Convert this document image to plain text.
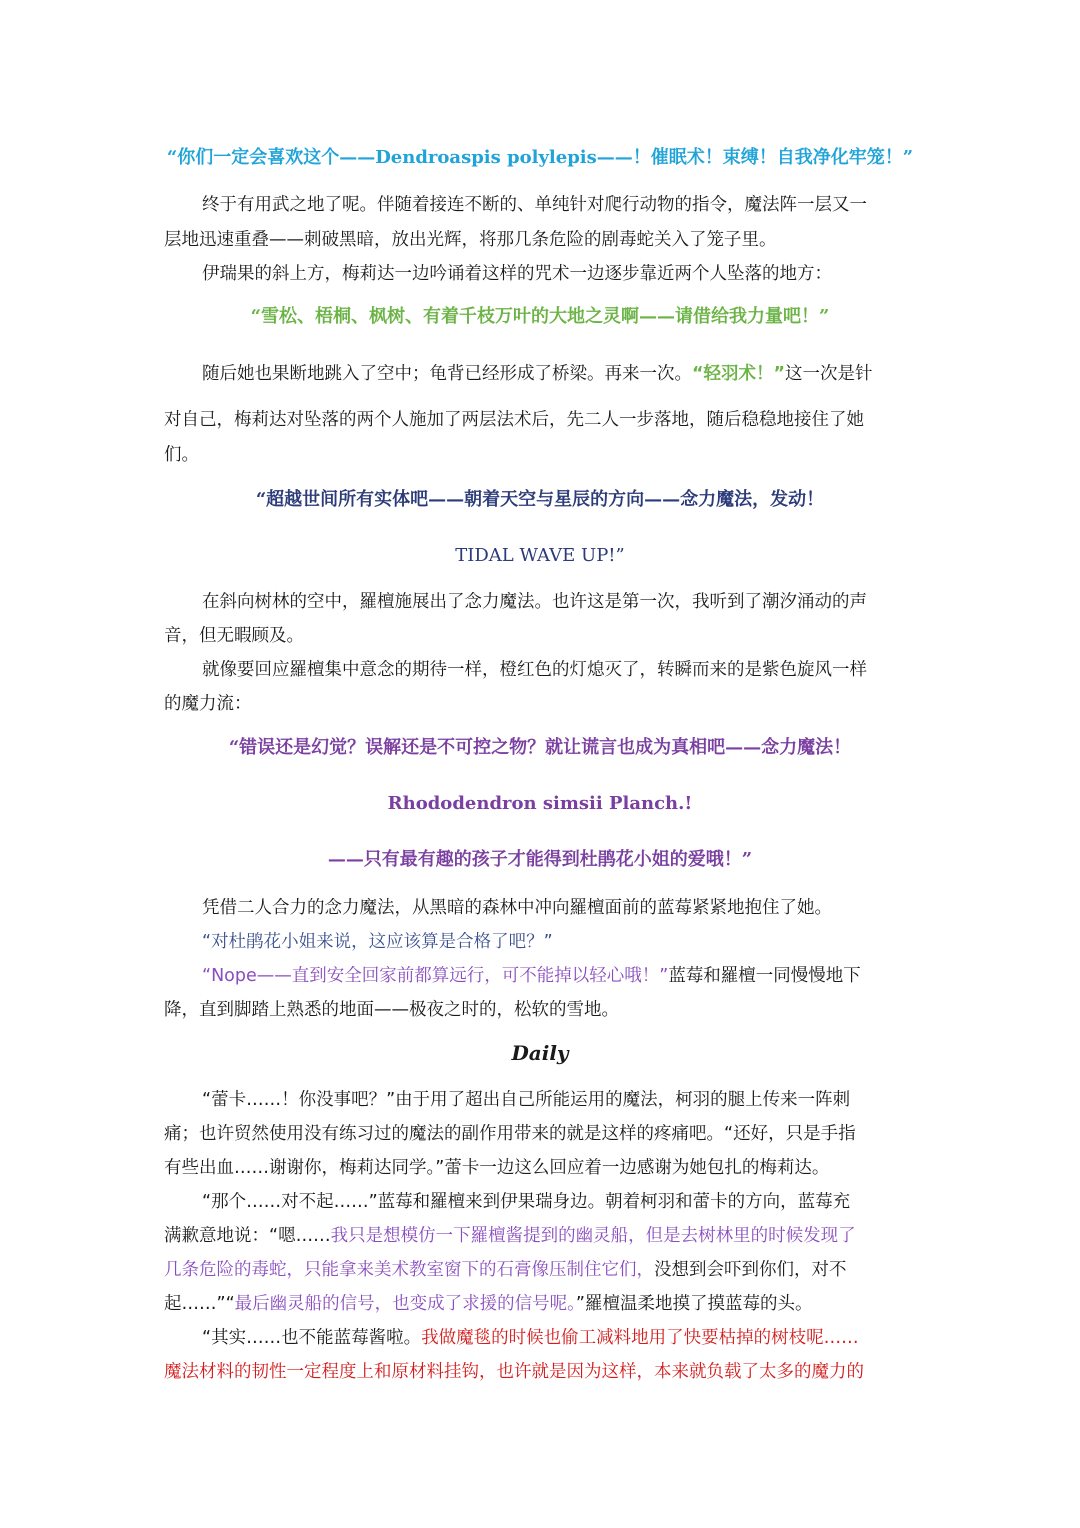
“你们一定会喜欢这个——Dendroaspis polylepis——！催眠术！束缚！自我净化牢笼！”
终于有用武之地了呢。伴随着接连不断的、单纯针对爬行动物的指令，魔法阵一层又一
层地迅速重叠——刺破黑暗，放出光辉，将那几条危险的剧毒蛇关入了笼子里。
伊瑞果的斜上方，梅莉达一边吟诵着这样的咒术一边逐步靠近两个人坠落的地方：
“雪松、梧桐、枫树、有着千枝万叶的大地之灵啊——请借给我力量吧！”
随后她也果断地跳入了空中；龟背已经形成了桥梁。再来一次。“轻羽术！”这一次是针
对自己，梅莉达对坠落的两个人施加了两层法术后，先二人一步落地，随后稳稳地接住了她
们。
“超越世间所有实体吧——朝着天空与星辰的方向——念力魔法，发动！
TIDAL WAVE UP!”
在斜向树林的空中，羅檀施展出了念力魔法。也许这是第一次，我听到了潮汐涌动的声
音，但无暇顾及。
就像要回应羅檀集中意念的期待一样，橙红色的灯熄灭了，转瞬而来的是紫色旋风一样
的魔力流：
“错误还是幻觉？误解还是不可控之物？就让谎言也成为真相吧——念力魔法！
Rhododendron simsii Planch.!
——只有最有趣的孩子才能得到杜鹃花小姐的爱哦！”
凭借二人合力的念力魔法，从黑暗的森林中冲向羅檀面前的蓝莓紧紧地抱住了她。
“对杜鹃花小姐来说，这应该算是合格了吧？”
“Nope——直到安全回家前都算远行，可不能掉以轻心哦！”蓝莓和羅檀一同慢慢地下
降，直到脚踏上熟悉的地面——极夜之时的，松软的雪地。
Daily
“蕾卡……！你没事吧？”由于用了超出自己所能运用的魔法，柯羽的腿上传来一阵刺
痛；也许贸然使用没有练习过的魔法的副作用带来的就是这样的疼痛吧。“还好，只是手指
有些出血……谢谢你，梅莉达同学。”蕾卡一边这么回应着一边感谢为她包扎的梅莉达。
“那个……对不起……”蓝莓和羅檀来到伊果瑞身边。朝着柯羽和蕾卡的方向，蓝莓充
满歉意地说：“嗯……我只是想模仿一下羅檀酱提到的幽灵船，但是去树林里的时候发现了
几条危险的毒蛇，只能拿来美术教室窗下的石膏像压制住它们，没想到会吓到你们，对不
起……”“最后幽灵船的信号，也变成了求援的信号呢。”羅檀温柔地摸了摸蓝莓的头。
“其实……也不能蓝莓酱啦。我做魔毯的时候也偷工减料地用了快要枯掉的树枝呢……
魔法材料的韧性一定程度上和原材料挂钩，也许就是因为这样，本来就负载了太多的魔力的
